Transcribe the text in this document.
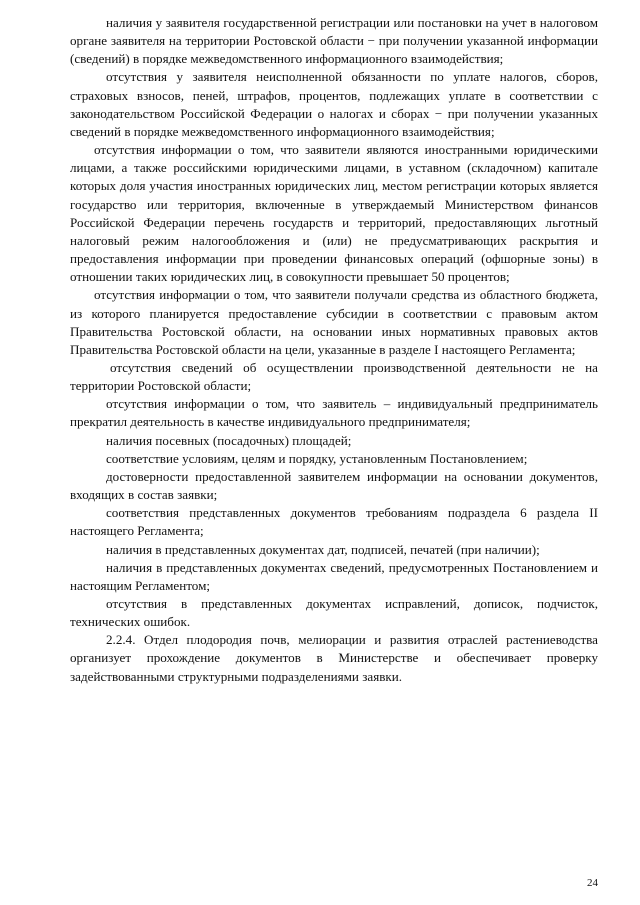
наличия у заявителя государственной регистрации или постановки на учет в налоговом органе заявителя на территории Ростовской области − при получении указанной информации (сведений) в порядке межведомственного информационного взаимодействия;

отсутствия у заявителя неисполненной обязанности по уплате налогов, сборов, страховых взносов, пеней, штрафов, процентов, подлежащих уплате в соответствии с законодательством Российской Федерации о налогах и сборах − при получении указанных сведений в порядке межведомственного информационного взаимодействия;

отсутствия информации о том, что заявители являются иностранными юридическими лицами, а также российскими юридическими лицами, в уставном (складочном) капитале которых доля участия иностранных юридических лиц, местом регистрации которых является государство или территория, включенные в утверждаемый Министерством финансов Российской Федерации перечень государств и территорий, предоставляющих льготный налоговый режим налогообложения и (или) не предусматривающих раскрытия и предоставления информации при проведении финансовых операций (офшорные зоны) в отношении таких юридических лиц, в совокупности превышает 50 процентов;

отсутствия информации о том, что заявители получали средства из областного бюджета, из которого планируется предоставление субсидии в соответствии с правовым актом Правительства Ростовской области, на основании иных нормативных правовых актов Правительства Ростовской области на цели, указанные в разделе I настоящего Регламента;

отсутствия сведений об осуществлении производственной деятельности не на территории Ростовской области;

отсутствия информации о том, что заявитель – индивидуальный предприниматель прекратил деятельность в качестве индивидуального предпринимателя;

наличия посевных (посадочных) площадей;

соответствие условиям, целям и порядку, установленным Постановлением;

достоверности предоставленной заявителем информации на основании документов, входящих в состав заявки;

соответствия представленных документов требованиям подраздела 6 раздела II настоящего Регламента;

наличия в представленных документах дат, подписей, печатей (при наличии);

наличия в представленных документах сведений, предусмотренных Постановлением и настоящим Регламентом;

отсутствия в представленных документах исправлений, дописок, подчисток, технических ошибок.

2.2.4. Отдел плодородия почв, мелиорации и развития отраслей растениеводства организует прохождение документов в Министерстве и обеспечивает проверку задействованными структурными подразделениями заявки.

24
